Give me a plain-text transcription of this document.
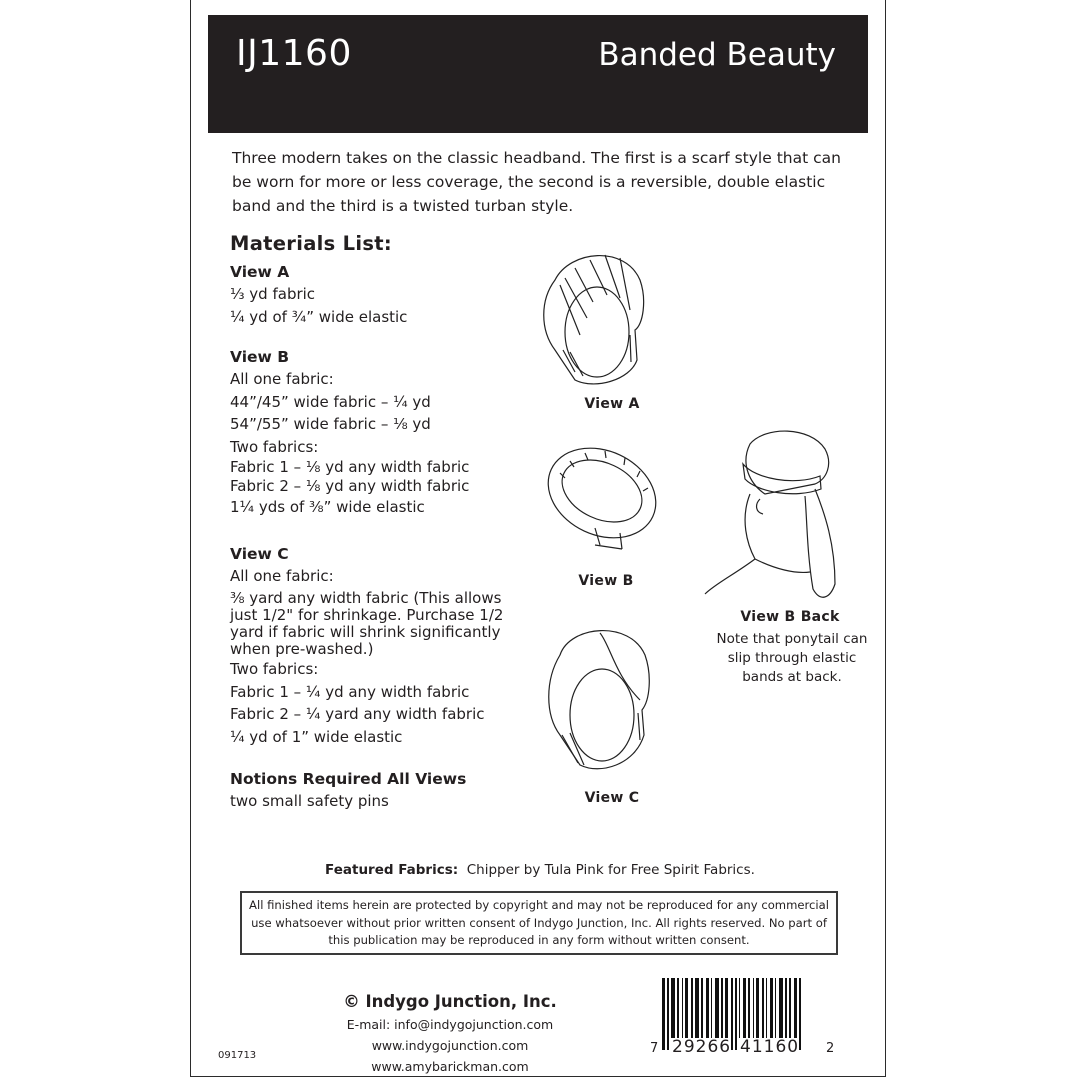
IJ1160	Banded Beauty
Three modern takes on the classic headband. The first is a scarf style that can be worn for more or less coverage, the second is a reversible, double elastic band and the third is a twisted turban style.
Materials List:
View A
⅓ yd fabric
¼ yd of ¾” wide elastic
View B
All one fabric:
44”/45” wide fabric – ¼ yd
54”/55” wide fabric – ⅛ yd
Two fabrics:
Fabric 1 – ⅛ yd any width fabric
Fabric 2 – ⅛ yd any width fabric
1¼ yds of ⅜” wide elastic
View C
All one fabric:
⅜ yard any width fabric (This allows just 1/2" for shrinkage. Purchase 1/2 yard if fabric will shrink significantly when pre-washed.)
Two fabrics:
Fabric 1 – ¼ yd any width fabric
Fabric 2 – ¼ yard any width fabric
¼ yd of 1” wide elastic
Notions Required All Views
two small safety pins
View A
View B
View B Back
Note that ponytail can slip through elastic bands at back.
View C
Featured Fabrics: Chipper by Tula Pink for Free Spirit Fabrics.
All finished items herein are protected by copyright and may not be reproduced for any commercial use whatsoever without prior written consent of Indygo Junction, Inc. All rights reserved. No part of this publication may be reproduced in any form without written consent.
© Indygo Junction, Inc.
E-mail: info@indygojunction.com
www.indygojunction.com
www.amybarickman.com
091713	7 29266 41160 2
